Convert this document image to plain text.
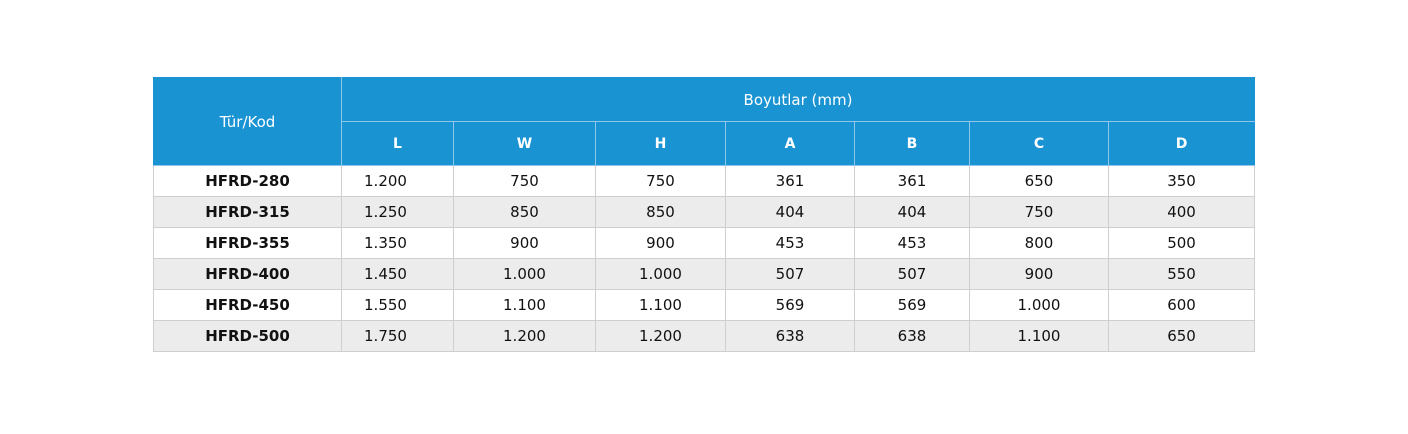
Tür/Kod	Boyutlar (mm)						
	L	W	H	A	B	C	D
HFRD-280	1.200	750	750	361	361	650	350
HFRD-315	1.250	850	850	404	404	750	400
HFRD-355	1.350	900	900	453	453	800	500
HFRD-400	1.450	1.000	1.000	507	507	900	550
HFRD-450	1.550	1.100	1.100	569	569	1.000	600
HFRD-500	1.750	1.200	1.200	638	638	1.100	650
